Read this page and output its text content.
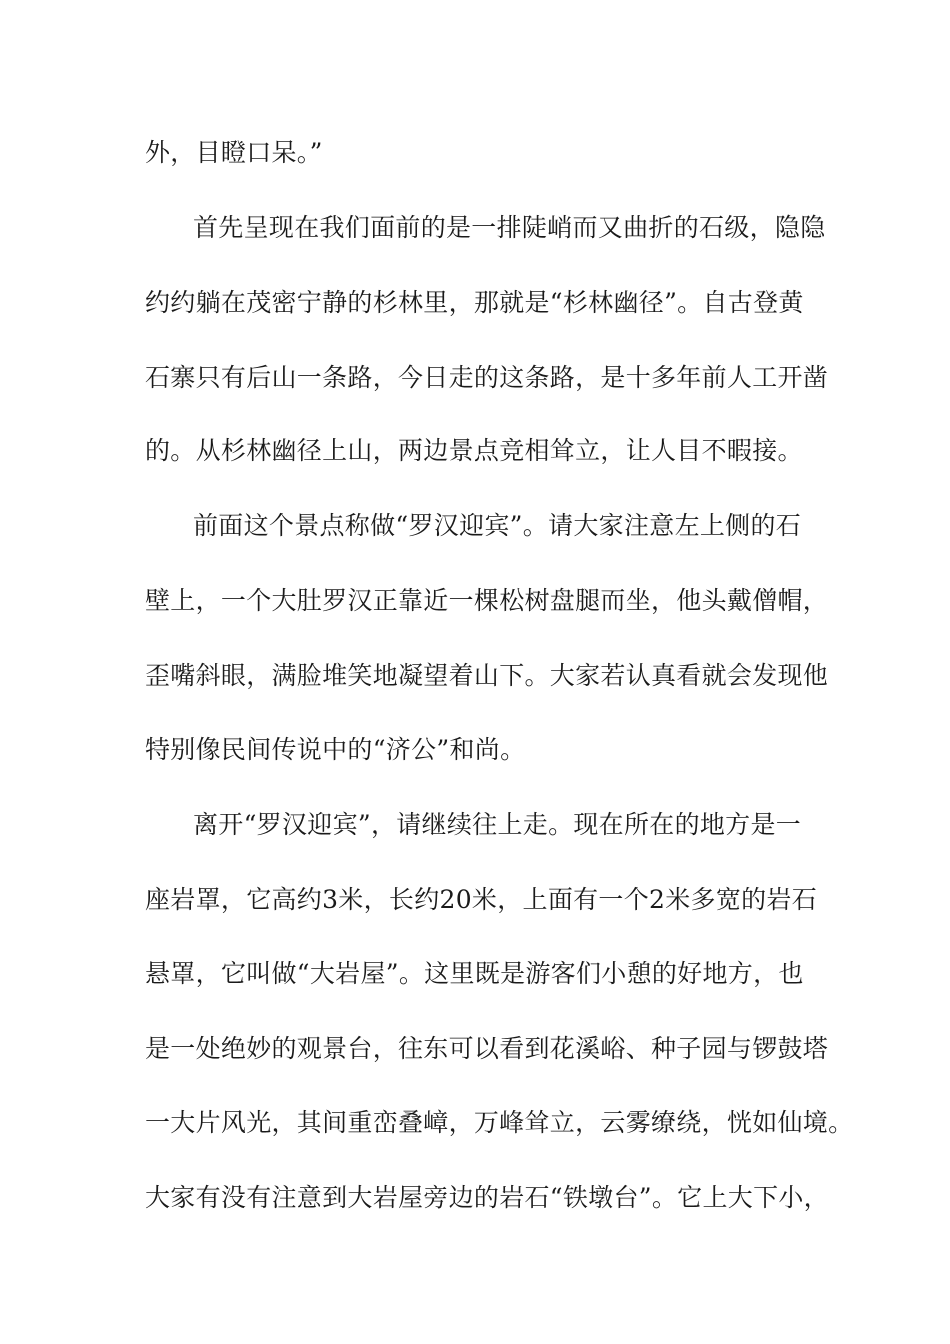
外，目瞪口呆。”
首先呈现在我们面前的是一排陡峭而又曲折的石级，隐隐
约约躺在茂密宁静的杉林里，那就是“杉林幽径”。自古登黄
石寨只有后山一条路，今日走的这条路，是十多年前人工开凿
的。从杉林幽径上山，两边景点竞相耸立，让人目不暇接。
前面这个景点称做“罗汉迎宾”。请大家注意左上侧的石
壁上，一个大肚罗汉正靠近一棵松树盘腿而坐，他头戴僧帽，
歪嘴斜眼，满脸堆笑地凝望着山下。大家若认真看就会发现他
特别像民间传说中的“济公”和尚。
离开“罗汉迎宾”，请继续往上走。现在所在的地方是一
座岩罩，它高约3米，长约20米，上面有一个2米多宽的岩石
悬罩，它叫做“大岩屋”。这里既是游客们小憩的好地方，也
是一处绝妙的观景台，往东可以看到花溪峪、种子园与锣鼓塔
一大片风光，其间重峦叠嶂，万峰耸立，云雾缭绕，恍如仙境。
大家有没有注意到大岩屋旁边的岩石“铁墩台”。它上大下小，
